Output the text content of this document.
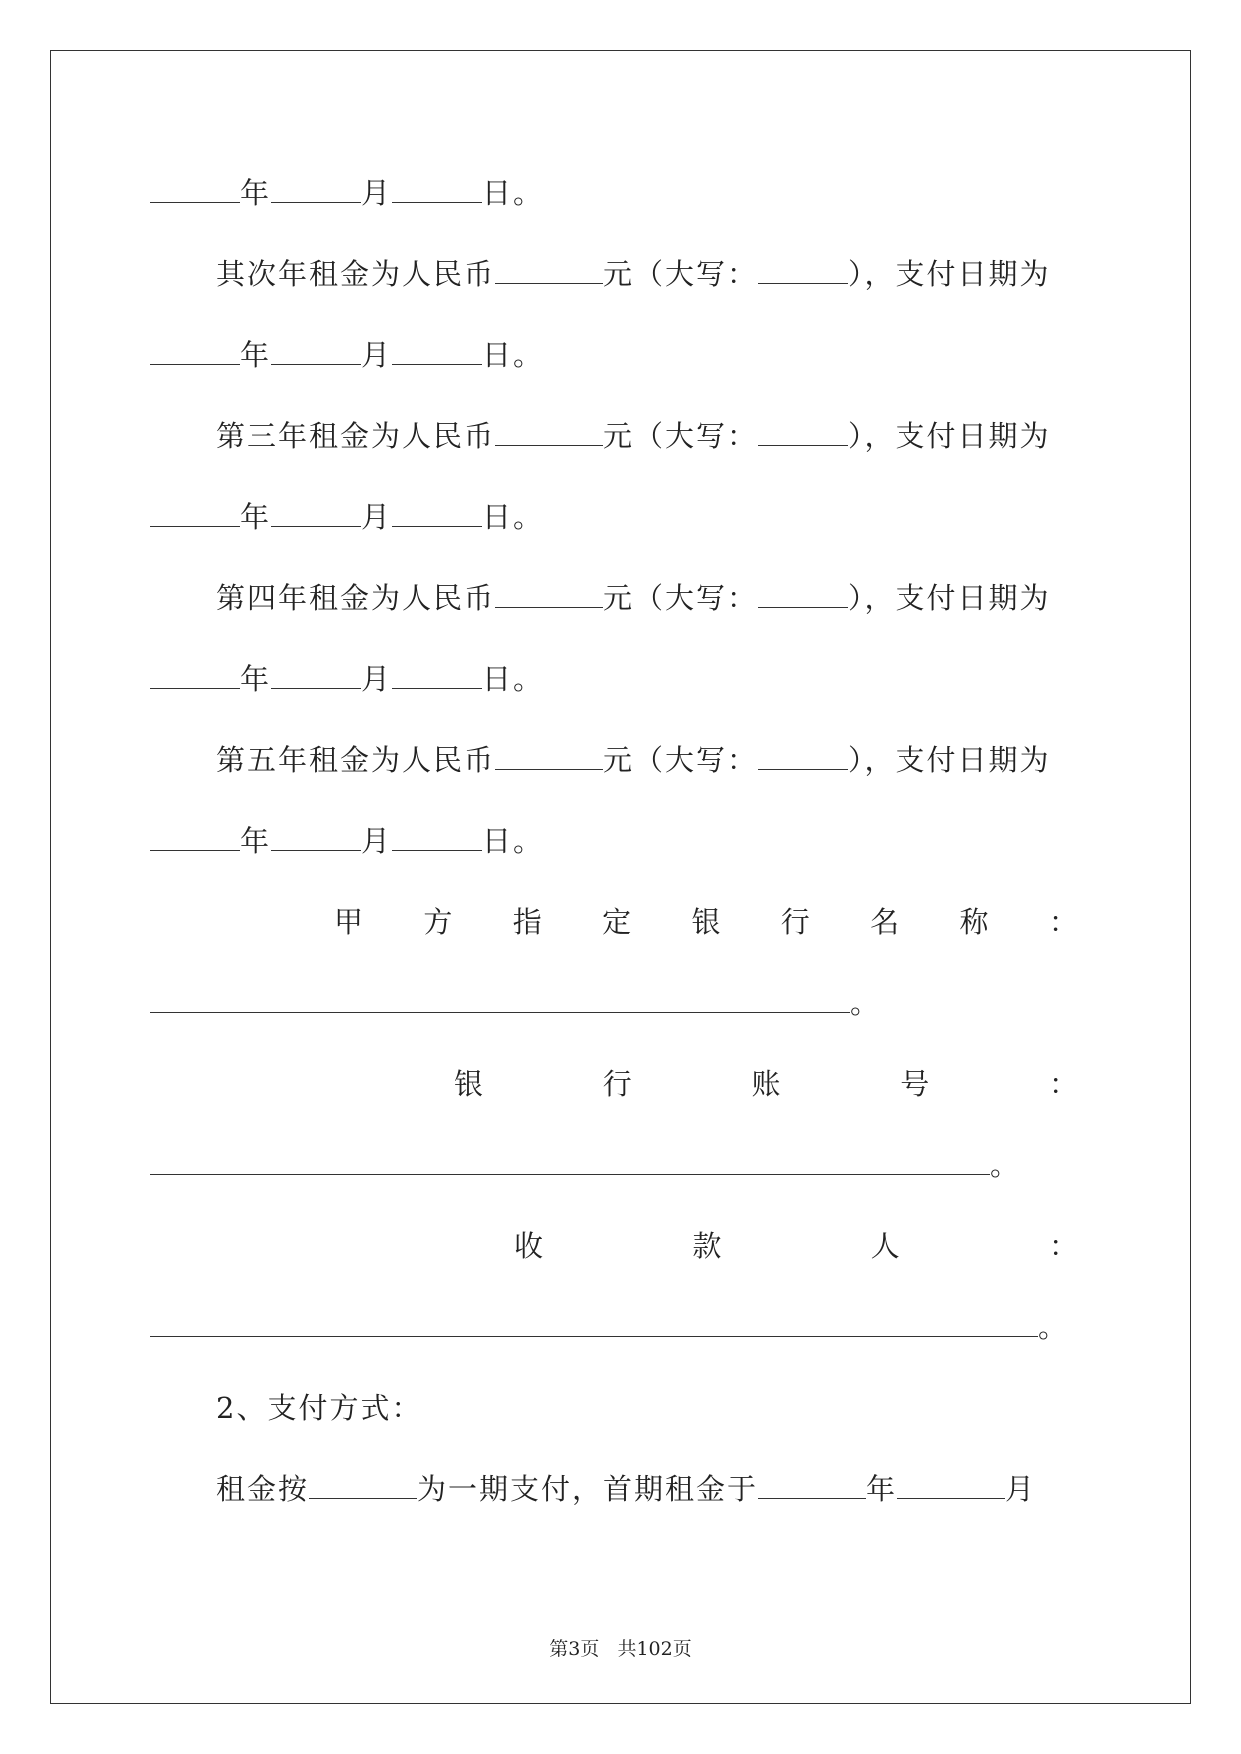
年	月	日。
其次年租金为人民币	元（大写：	），支付日期为
年	月	日。
第三年租金为人民币	元（大写：	），支付日期为
年	月	日。
第四年租金为人民币	元（大写：	），支付日期为
年	月	日。
第五年租金为人民币	元（大写：	），支付日期为
年	月	日。
甲 方 指 定 银 行 名 称 ：
。
银	行	账	号	：
。
收	款	人	：
。
2、支付方式：
租金按	为一期支付，首期租金于	年	月
第3页 共102页
